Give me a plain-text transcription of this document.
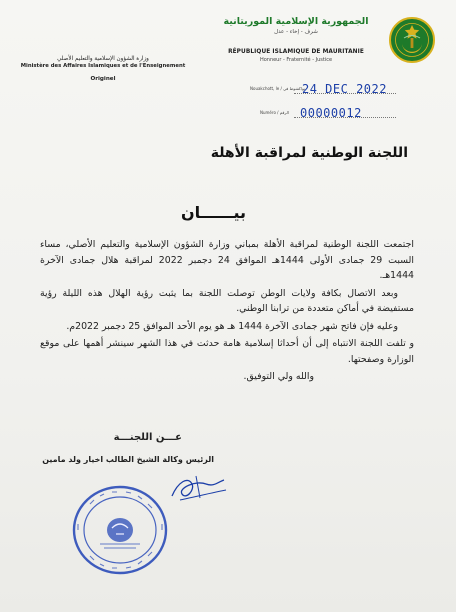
وزارة الشؤون الإسلامية والتعليم الأصلي
Ministère des Affaires Islamiques et de l'Enseignement
Originel
الجمهورية الإسلامية الموريتانية
شرف - إخاء - عدل
RÉPUBLIQUE ISLAMIQUE DE MAURITANIE
Honneur - Fraternité - Justice
Nouakchott, le / نواكشوط في
24 DEC 2022
Numéro / الرقم 00000012
اللجنة الوطنية لمراقبة الأهلة
بيــــــان

اجتمعت اللجنة الوطنية لمراقبة الأهلة بمباني وزارة الشؤون الإسلامية والتعليم الأصلي، مساء السبت 29 جمادى الأولى 1444هـ الموافق 24 دجمبر 2022 لمراقبة هلال جمادى الآخرة 1444هـ.

وبعد الاتصال بكافة ولايات الوطن توصلت اللجنة بما يثبت رؤية الهلال هذه الليلة رؤية مستفيضة في أماكن متعددة من ترابنا الوطني.

وعليه فإن فاتح شهر جمادى الآخرة 1444 هـ هو يوم الأحد الموافق 25 دجمبر 2022م.

و تلفت اللجنة الانتباه إلى أن أحداثا إسلامية هامة حدثت في هذا الشهر سينشر أهمها على موقع الوزارة وصفحتها.

والله ولي التوفيق.

عـــن اللجنـــة
الرئيس وكالة الشيخ الطالب اخيار ولد مامين
